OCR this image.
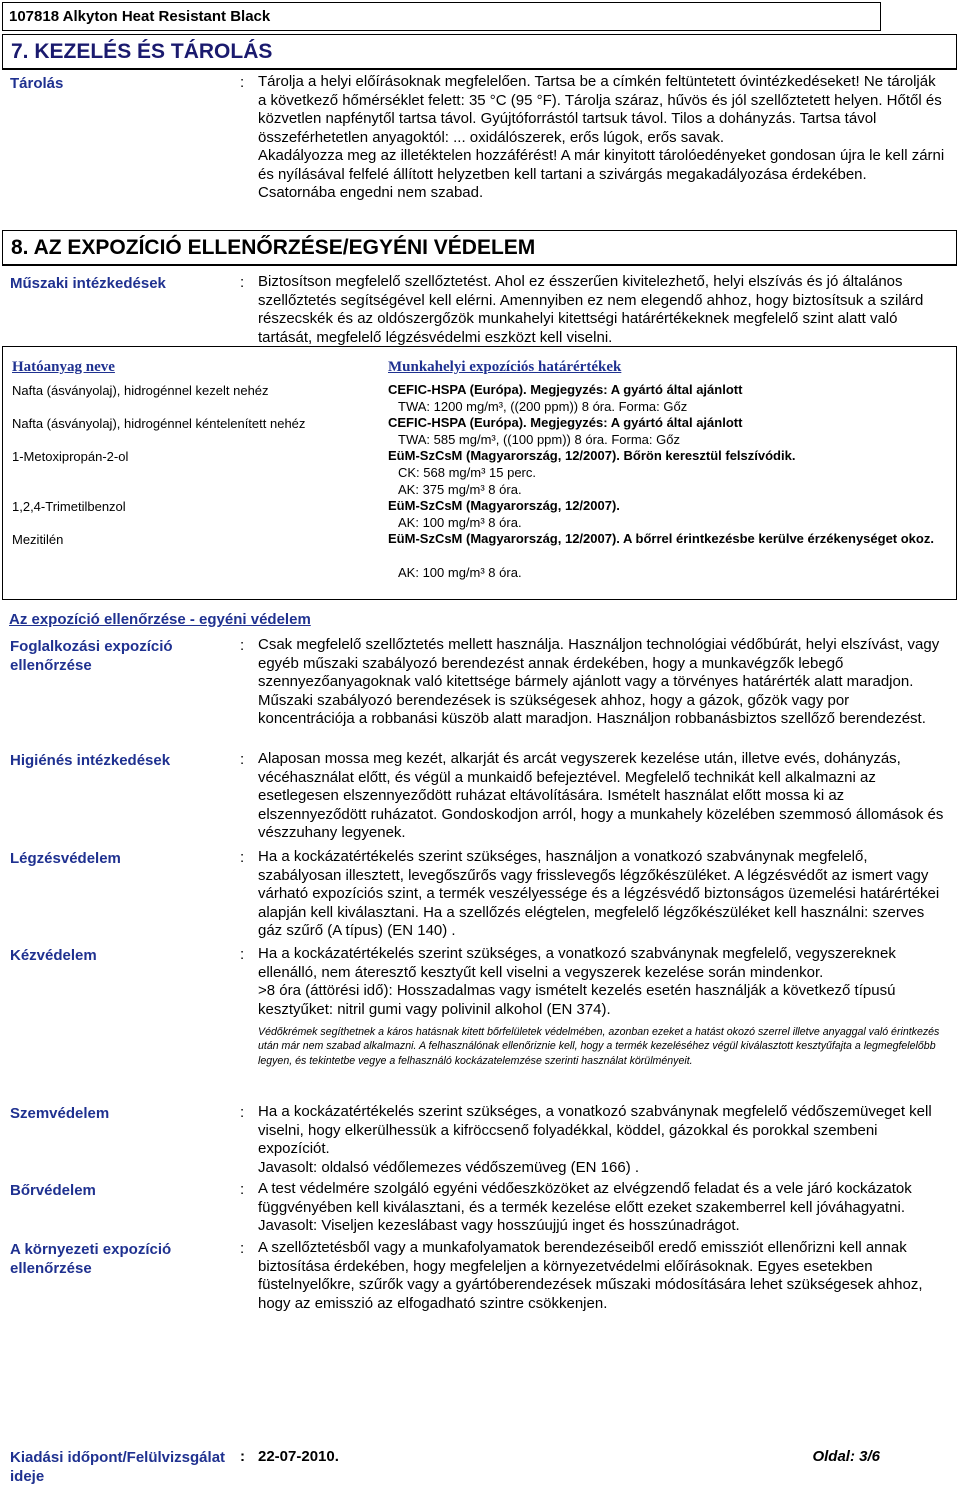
107818 Alkyton Heat Resistant Black
7. KEZELÉS ÉS TÁROLÁS
Tárolás	: Tárolja a helyi előírásoknak megfelelően. Tartsa be a címkén feltüntetett óvintézkedéseket! Ne tárolják a következő hőmérséklet felett: 35 °C (95 °F). Tárolja száraz, hűvös és jól szellőztetett helyen. Hőtől és közvetlen napfénytől tartsa távol. Gyújtóforrástól tartsuk távol. Tilos a dohányzás. Tartsa távol összeférhetetlen anyagoktól: ... oxidálószerek, erős lúgok, erős savak.

Akadályozza meg az illetéktelen hozzáférést! A már kinyitott tárolóedényeket gondosan újra le kell zárni és nyílásával felfelé állított helyzetben kell tartani a szivárgás megakadályozása érdekében. Csatornába engedni nem szabad.

8. AZ EXPOZÍCIÓ ELLENŐRZÉSE/EGYÉNI VÉDELEM
Műszaki intézkedések	: Biztosítson megfelelő szellőztetést. Ahol ez ésszerűen kivitelezhető, helyi elszívás és jó általános szellőztetés segítségével kell elérni. Amennyiben ez nem elegendő ahhoz, hogy biztosítsuk a szilárd részecskék és az oldószergőzök munkahelyi kitettségi határértékeknek megfelelő szint alatt való tartását, megfelelő légzésvédelmi eszközt kell viselni.
Hatóanyag neve	Munkahelyi expozíciós határértékek
Nafta (ásványolaj), hidrogénnel kezelt nehéz	CEFIC-HSPA (Európa). Megjegyzés: A gyártó által ajánlott
TWA: 1200 mg/m³, ((200 ppm)) 8 óra. Forma: Gőz
Nafta (ásványolaj), hidrogénnel kéntelenített nehéz	CEFIC-HSPA (Európa). Megjegyzés: A gyártó által ajánlott
TWA: 585 mg/m³, ((100 ppm)) 8 óra. Forma: Gőz
1-Metoxipropán-2-ol	EüM-SzCsM (Magyarország, 12/2007). Bőrön keresztül felszívódik.
CK: 568 mg/m³ 15 perc.
AK: 375 mg/m³ 8 óra.
1,2,4-Trimetilbenzol	EüM-SzCsM (Magyarország, 12/2007).
AK: 100 mg/m³ 8 óra.
Mezitilén	EüM-SzCsM (Magyarország, 12/2007). A bőrrel érintkezésbe kerülve érzékenységet okoz.
AK: 100 mg/m³ 8 óra.
Az expozíció ellenőrzése - egyéni védelem
Foglalkozási expozíció ellenőrzése
: Csak megfelelő szellőztetés mellett használja. Használjon technológiai védőbúrát, helyi elszívást, vagy egyéb műszaki szabályozó berendezést annak érdekében, hogy a munkavégzők lebegő szennyezőanyagoknak való kitettsége bármely ajánlott vagy a törvényes határérték alatt maradjon. Műszaki szabályozó berendezések is szükségesek ahhoz, hogy a gázok, gőzök vagy por koncentrációja a robbanási küszöb alatt maradjon. Használjon robbanásbiztos szellőző berendezést.
Higiénés intézkedések	: Alaposan mossa meg kezét, alkarját és arcát vegyszerek kezelése után, illetve evés, dohányzás, vécéhasználat előtt, és végül a munkaidő befejeztével. Megfelelő technikát kell alkalmazni az esetlegesen elszennyeződött ruházat eltávolítására. Ismételt használat előtt mossa ki az elszennyeződött ruházatot. Gondoskodjon arról, hogy a munkahely közelében szemmosó állomások és vészzuhany legyenek.
Légzésvédelem	: Ha a kockázatértékelés szerint szükséges, használjon a vonatkozó szabványnak megfelelő, szabályosan illesztett, levegőszűrős vagy frisslevegős légzőkészüléket. A légzésvédőt az ismert vagy várható expozíciós szint, a termék veszélyessége és a légzésvédő biztonságos üzemelési határértékei alapján kell kiválasztani. Ha a szellőzés elégtelen, megfelelő légzőkészüléket kell használni: szerves gáz szűrő (A típus) (EN 140) .
Kézvédelem	: Ha a kockázatértékelés szerint szükséges, a vonatkozó szabványnak megfelelő, vegyszereknek ellenálló, nem áteresztő kesztyűt kell viselni a vegyszerek kezelése során mindenkor.

>8 óra (áttörési idő): Hosszadalmas vagy ismételt kezelés esetén használják a következő típusú kesztyűket: nitril gumi vagy polivinil alkohol (EN 374).

Védőkrémek segíthetnek a káros hatásnak kitett bőrfelületek védelmében, azonban ezeket a hatást okozó szerrel illetve anyaggal való érintkezés után már nem szabad alkalmazni. A felhasználónak ellenőriznie kell, hogy a termék kezeléséhez végül kiválasztott kesztyűfajta a legmegfelelőbb legyen, és tekintetbe vegye a felhasználó kockázatelemzése szerinti használat körülményeit.

Szemvédelem	: Ha a kockázatértékelés szerint szükséges, a vonatkozó szabványnak megfelelő védőszemüveget kell viselni, hogy elkerülhessük a kifröccsenő folyadékkal, köddel, gázokkal és porokkal szembeni expozíciót.

Javasolt: oldalsó védőlemezes védőszemüveg (EN 166) .

Bőrvédelem	: A test védelmére szolgáló egyéni védőeszközöket az elvégzendő feladat és a vele járó kockázatok függvényében kell kiválasztani, és a termék kezelése előtt ezeket szakemberrel kell jóváhagyatni. Javasolt: Viseljen kezeslábast vagy hosszúujjú inget és hosszúnadrágot.
A környezeti expozíció ellenőrzése
: A szellőztetésből vagy a munkafolyamatok berendezéseiből eredő emissziót ellenőrizni kell annak biztosítása érdekében, hogy megfeleljen a környezetvédelmi előírásoknak. Egyes esetekben füstelnyelőkre, szűrők vagy a gyártóberendezések műszaki módosítására lehet szükségesek ahhoz, hogy az emisszió az elfogadható szintre csökkenjen.
Kiadási időpont/Felülvizsgálat ideje
: 22-07-2010.	Oldal: 3/6
